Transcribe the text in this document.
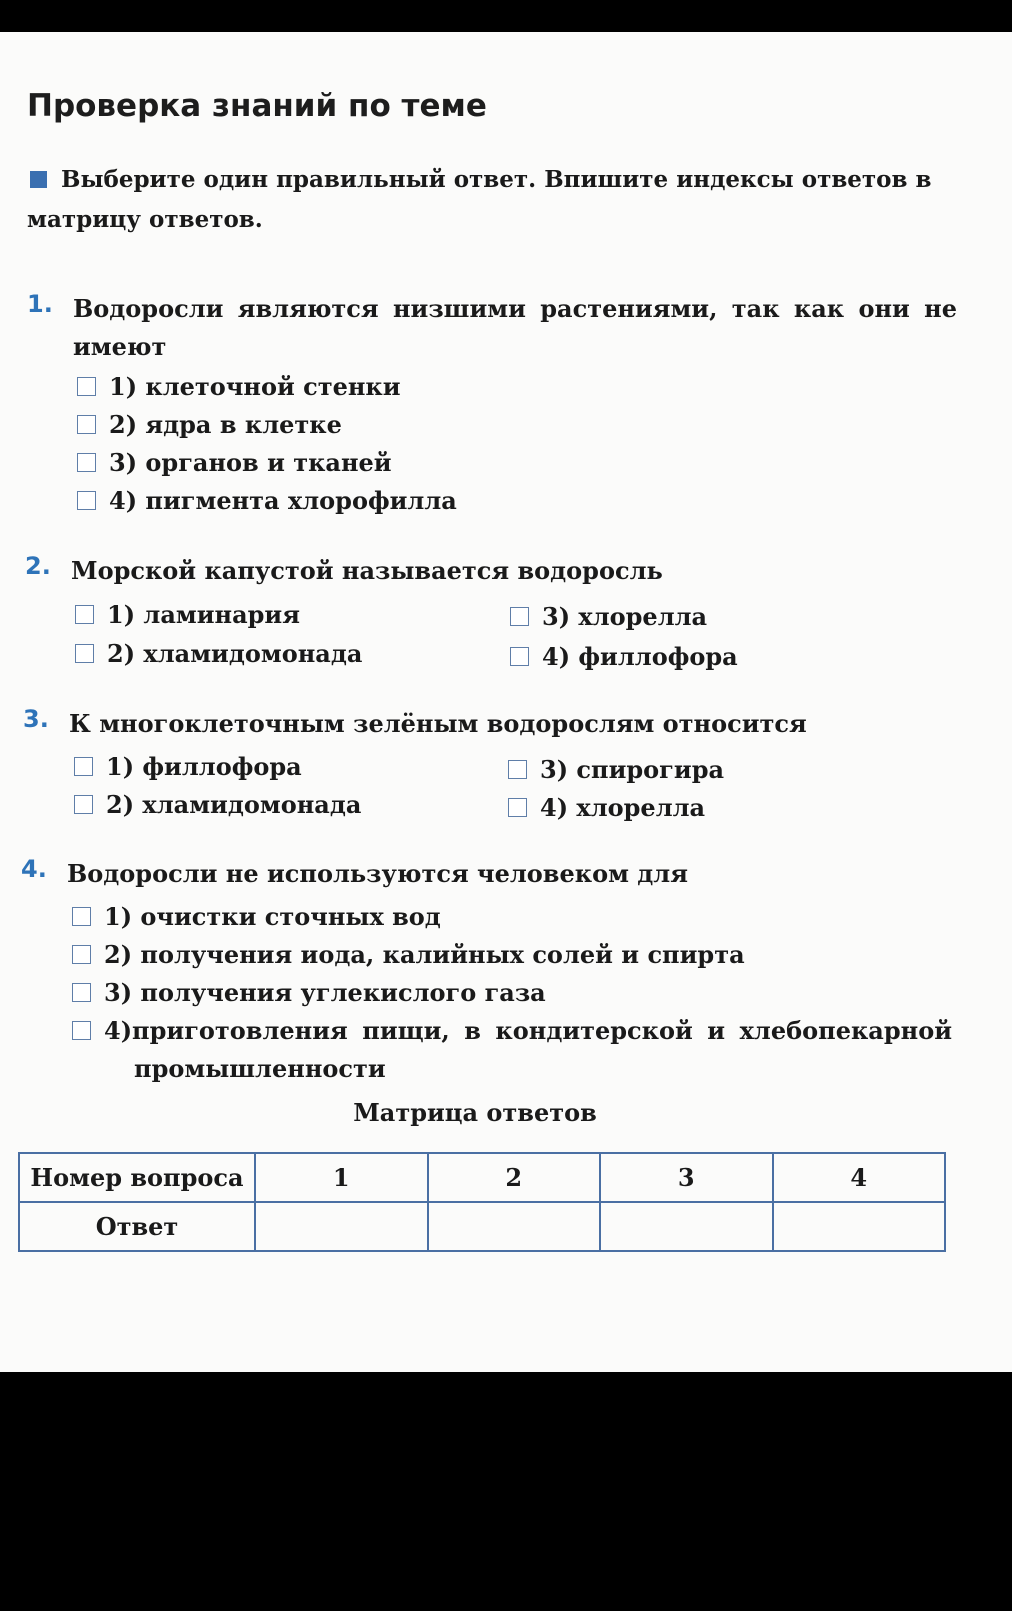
Проверка знаний по теме
Выберите один правильный ответ. Впишите индексы ответов в матрицу ответов.
1. Водоросли являются низшими растениями, так как они не имеют
1) клеточной стенки
2) ядра в клетке
3) органов и тканей
4) пигмента хлорофилла
2. Морской капустой называется водоросль
1) ламинария
2) хламидомонада
3) хлорелла
4) филлофора
3. К многоклеточным зелёным водорослям относится
1) филлофора
2) хламидомонада
3) спирогира
4) хлорелла
4. Водоросли не используются человеком для
1) очистки сточных вод
2) получения иода, калийных солей и спирта
3) получения углекислого газа
4)приготовления пищи, в кондитерской и хлебопекарной
промышленности
Матрица ответов
Номер вопроса	1	2	3	4
Ответ				
